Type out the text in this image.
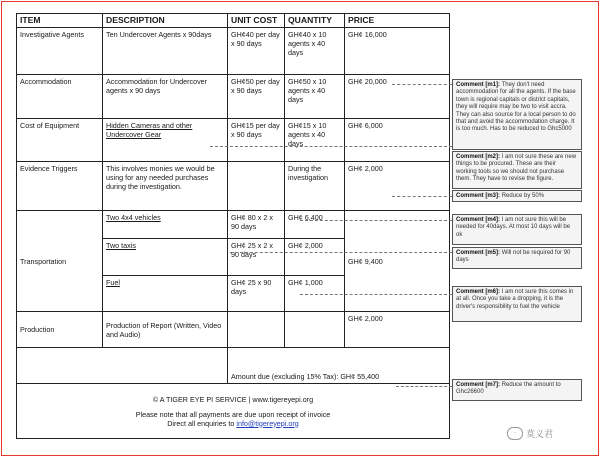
ITEM	DESCRIPTION	UNIT COST	QUANTITY	PRICE
Investigative Agents	Ten Undercover Agents x 90days	GH¢40 per day x 90 days	GH¢40 x 10 agents x 40 days	GH¢ 16,000
Accommodation	Accommodation for Undercover agents x 90 days	GH¢50 per day x 90 days	GH¢50 x 10 agents x 40 days	GH¢ 20,000
Cost of Equipment	Hidden Cameras and other Undercover Gear	GH¢15 per day x 90 days	GH¢15 x 10 agents x 40 days	GH¢ 6,000
Evidence Triggers	This involves monies we would be using for any needed purchases during the investigation.		During the investigation	GH¢ 2,000
Transportation	Two 4x4 vehicles	GH¢ 80 x 2 x 90 days	GH¢ 6,400	GH¢ 9,400
	Two taxis	GH¢ 25 x 2 x 90 days	GH¢ 2,000	
	Fuel	GH¢ 25 x 90 days	GH¢ 1,000	
Production	Production of Report (Written, Video and Audio)			GH¢ 2,000
		Amount due (excluding 15% Tax): GH¢ 55,400		

© A TIGER EYE PI SERVICE | www.tigereyepi.org
Please note that all payments are due upon receipt of invoice
Direct all enquiries to info@tigereyepi.org				
Comment [m1]: They don't need accommodation for all the agents. If the base town is regional capitals or district capitals, they will require may be two to visit accra. They can also source for a local person to do that and avoid the accommodation charge. It is too much. Has to be reduced to Ghc5000
Comment [m2]: I am not sure these are new things to be procured. These are their working tools so we should not purchase them. They have to revise the figure.
Comment [m3]: Reduce by 50%
Comment [m4]: I am not sure this will be needed for 40days. At most 10 days will be ok
Comment [m5]: Will not be required for 90 days
Comment [m6]: I am not sure this comes in at all. Once you take a dropping, it is the driver's responsibility to fuel the vehicle
Comment [m7]: Reduce the amount to Ghc26600
∙∙	莫义君
